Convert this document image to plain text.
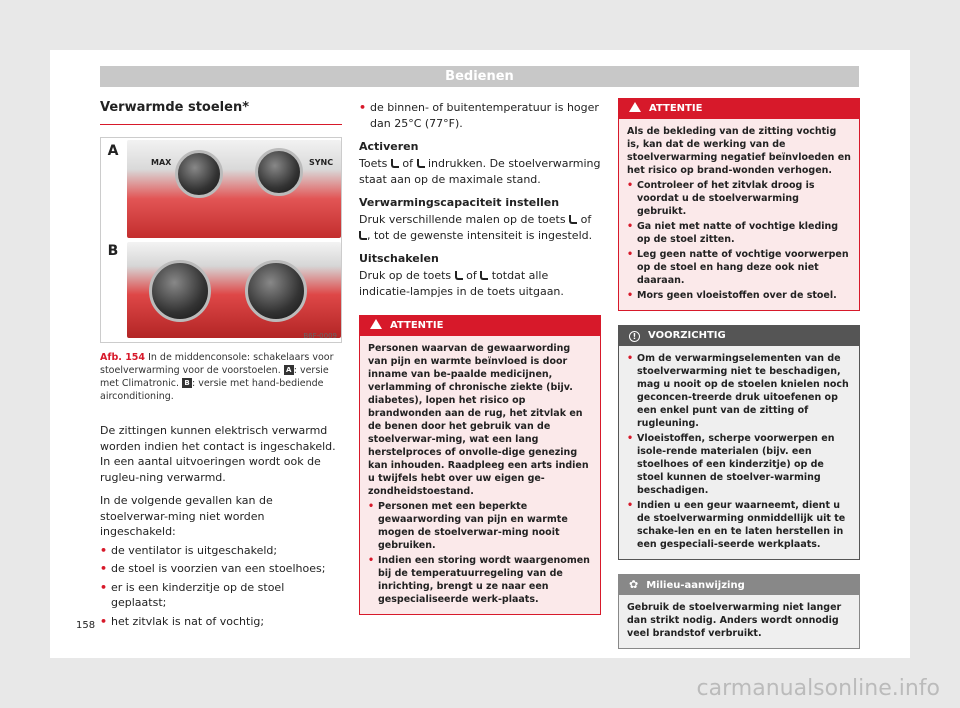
Bedienen
Verwarmde stoelen*
A
MAX	SYNC
B
B6F-0009
Afb. 154 In de middenconsole: schakelaars voor stoelverwarming voor de voorstoelen. A : versie met Climatronic. B : versie met hand-bediende airconditioning.
De zittingen kunnen elektrisch verwarmd worden indien het contact is ingeschakeld. In een aantal uitvoeringen wordt ook de rugleu-ning verwarmd.
In de volgende gevallen kan de stoelverwar-ming niet worden ingeschakeld:
• de ventilator is uitgeschakeld;
• de stoel is voorzien van een stoelhoes;
• er is een kinderzitje op de stoel geplaatst;
• het zitvlak is nat of vochtig;
• de binnen- of buitentemperatuur is hoger dan 25°C (77°F).
Activeren
Toets  of  indrukken. De stoelverwarming staat aan op de maximale stand.
Verwarmingscapaciteit instellen
Druk verschillende malen op de toets  of , tot de gewenste intensiteit is ingesteld.
Uitschakelen
Druk op de toets  of  totdat alle indicatie-lampjes in de toets uitgaan.
ATTENTIE
Personen waarvan de gewaarwording van pijn en warmte beïnvloed is door inname van be-paalde medicijnen, verlamming of chronische ziekte (bijv. diabetes), lopen het risico op brandwonden aan de rug, het zitvlak en de benen door het gebruik van de stoelverwar-ming, wat een lang herstelproces of onvolle-dige genezing kan inhouden. Raadpleeg een arts indien u twijfels hebt over uw eigen ge-zondheidstoestand.
• Personen met een beperkte gewaarwording van pijn en warmte mogen de stoelverwar-ming nooit gebruiken.
• Indien een storing wordt waargenomen bij de temperatuurregeling van de inrichting, brengt u ze naar een gespecialiseerde werk-plaats.
ATTENTIE
Als de bekleding van de zitting vochtig is, kan dat de werking van de stoelverwarming negatief beïnvloeden en het risico op brand-wonden verhogen.
• Controleer of het zitvlak droog is voordat u de stoelverwarming gebruikt.
• Ga niet met natte of vochtige kleding op de stoel zitten.
• Leg geen natte of vochtige voorwerpen op de stoel en hang deze ook niet daaraan.
• Mors geen vloeistoffen over de stoel.
! VOORZICHTIG
• Om de verwarmingselementen van de stoelverwarming niet te beschadigen, mag u nooit op de stoelen knielen noch geconcen-treerde druk uitoefenen op een enkel punt van de zitting of rugleuning.
• Vloeistoffen, scherpe voorwerpen en isole-rende materialen (bijv. een stoelhoes of een kinderzitje) op de stoel kunnen de stoelver-warming beschadigen.
• Indien u een geur waarneemt, dient u de stoelverwarming onmiddellijk uit te schake-len en en te laten herstellen in een gespeciali-seerde werkplaats.
✿ Milieu-aanwijzing
Gebruik de stoelverwarming niet langer dan strikt nodig. Anders wordt onnodig veel brandstof verbruikt.
158
carmanualsonline.info
